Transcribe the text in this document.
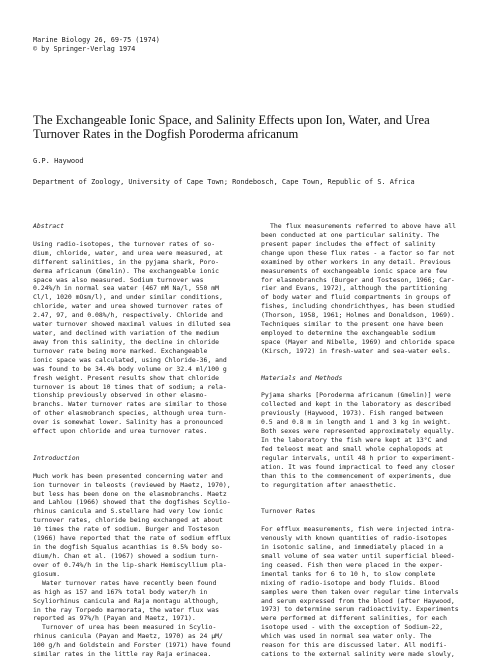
Marine Biology 26, 69-75 (1974)
© by Springer-Verlag 1974
The Exchangeable Ionic Space, and Salinity Effects upon Ion, Water, and Urea
Turnover Rates in the Dogfish Poroderma africanum
G.P. Haywood
Department of Zoology, University of Cape Town; Rondebosch, Cape Town, Republic of S. Africa
Abstract
Using radio-isotopes, the turnover rates of so-
dium, chloride, water, and urea were measured, at
different salinities, in the pyjama shark, Poro-
derma africanum (Gmelin). The exchangeable ionic
space was also measured. Sodium turnover was
0.24%/h in normal sea water (467 mM Na/l, 550 mM
Cl/l, 1020 mOsm/l), and under similar conditions,
chloride, water and urea showed turnover rates of
2.47, 97, and 0.08%/h, respectively. Chloride and
water turnover showed maximal values in diluted sea
water, and declined with variation of the medium
away from this salinity, the decline in chloride
turnover rate being more marked. Exchangeable
ionic space was calculated, using Chloride-36, and
was found to be 34.4% body volume or 32.4 ml/100 g
fresh weight. Present results show that chloride
turnover is about 10 times that of sodium; a rela-
tionship previously observed in other elasmo-
branchs. Water turnover rates are similar to those
of other elasmobranch species, although urea turn-
over is somewhat lower. Salinity has a pronounced
effect upon chloride and urea turnover rates.
Introduction
Much work has been presented concerning water and
ion turnover in teleosts (reviewed by Maetz, 1970),
but less has been done on the elasmobranchs. Maetz
and Lahlou (1966) showed that the dogfishes Scylio-
rhinus canicula and S.stellare had very low ionic
turnover rates, chloride being exchanged at about
10 times the rate of sodium. Burger and Tosteson
(1966) have reported that the rate of sodium efflux
in the dogfish Squalus acanthias is 0.5% body so-
dium/h. Chan et al. (1967) showed a sodium turn-
over of 0.74%/h in the lip-shark Hemiscyllium pla-
giosum.
Water turnover rates have recently been found
as high as 157 and 167% total body water/h in
Scyliorhinus canicula and Raja montagu although,
in the ray Torpedo marmorata, the water flux was
reported as 97%/h (Payan and Maetz, 1971).
Turnover of urea has been measured in Scylio-
rhinus canicula (Payan and Maetz, 1970) as 24 µM/
100 g/h and Goldstein and Forster (1971) have found
similar rates in the little ray Raja erinacea.
The flux measurements referred to above have all
been conducted at one particular salinity. The
present paper includes the effect of salinity
change upon these flux rates - a factor so far not
examined by other workers in any detail. Previous
measurements of exchangeable ionic space are few
for elasmobranchs (Burger and Tosteson, 1966; Car-
rier and Evans, 1972), although the partitioning
of body water and fluid compartments in groups of
fishes, including chondrichthyes, has been studied
(Thorson, 1958, 1961; Holmes and Donaldson, 1969).
Techniques similar to the present one have been
employed to determine the exchangeable sodium
space (Mayer and Nibelle, 1969) and chloride space
(Kirsch, 1972) in fresh-water and sea-water eels.
Materials and Methods
Pyjama sharks [Poroderma africanum (Gmelin)] were
collected and kept in the laboratory as described
previously (Haywood, 1973). Fish ranged between
0.5 and 0.8 m in length and 1 and 3 kg in weight.
Both sexes were represented approximately equally.
In the laboratory the fish were kept at 13°C and
fed teleost meat and small whole cephalopods at
regular intervals, until 48 h prior to experiment-
ation. It was found impractical to feed any closer
than this to the commencement of experiments, due
to regurgitation after anaesthetic.
Turnover Rates
For efflux measurements, fish were injected intra-
venously with known quantities of radio-isotopes
in isotonic saline, and immediately placed in a
small volume of sea water until superficial bleed-
ing ceased. Fish then were placed in the exper-
imental tanks for 6 to 10 h, to slow complete
mixing of radio-isotope and body fluids. Blood
samples were then taken over regular time intervals
and serum expressed from the blood (after Haywood,
1973) to determine serum radioactivity. Experiments
were performed at different salinities, for each
isotope used - with the exception of Sodium-22,
which was used in normal sea water only. The
reason for this are discussed later. All modifi-
cations to the external salinity were made slowly,
